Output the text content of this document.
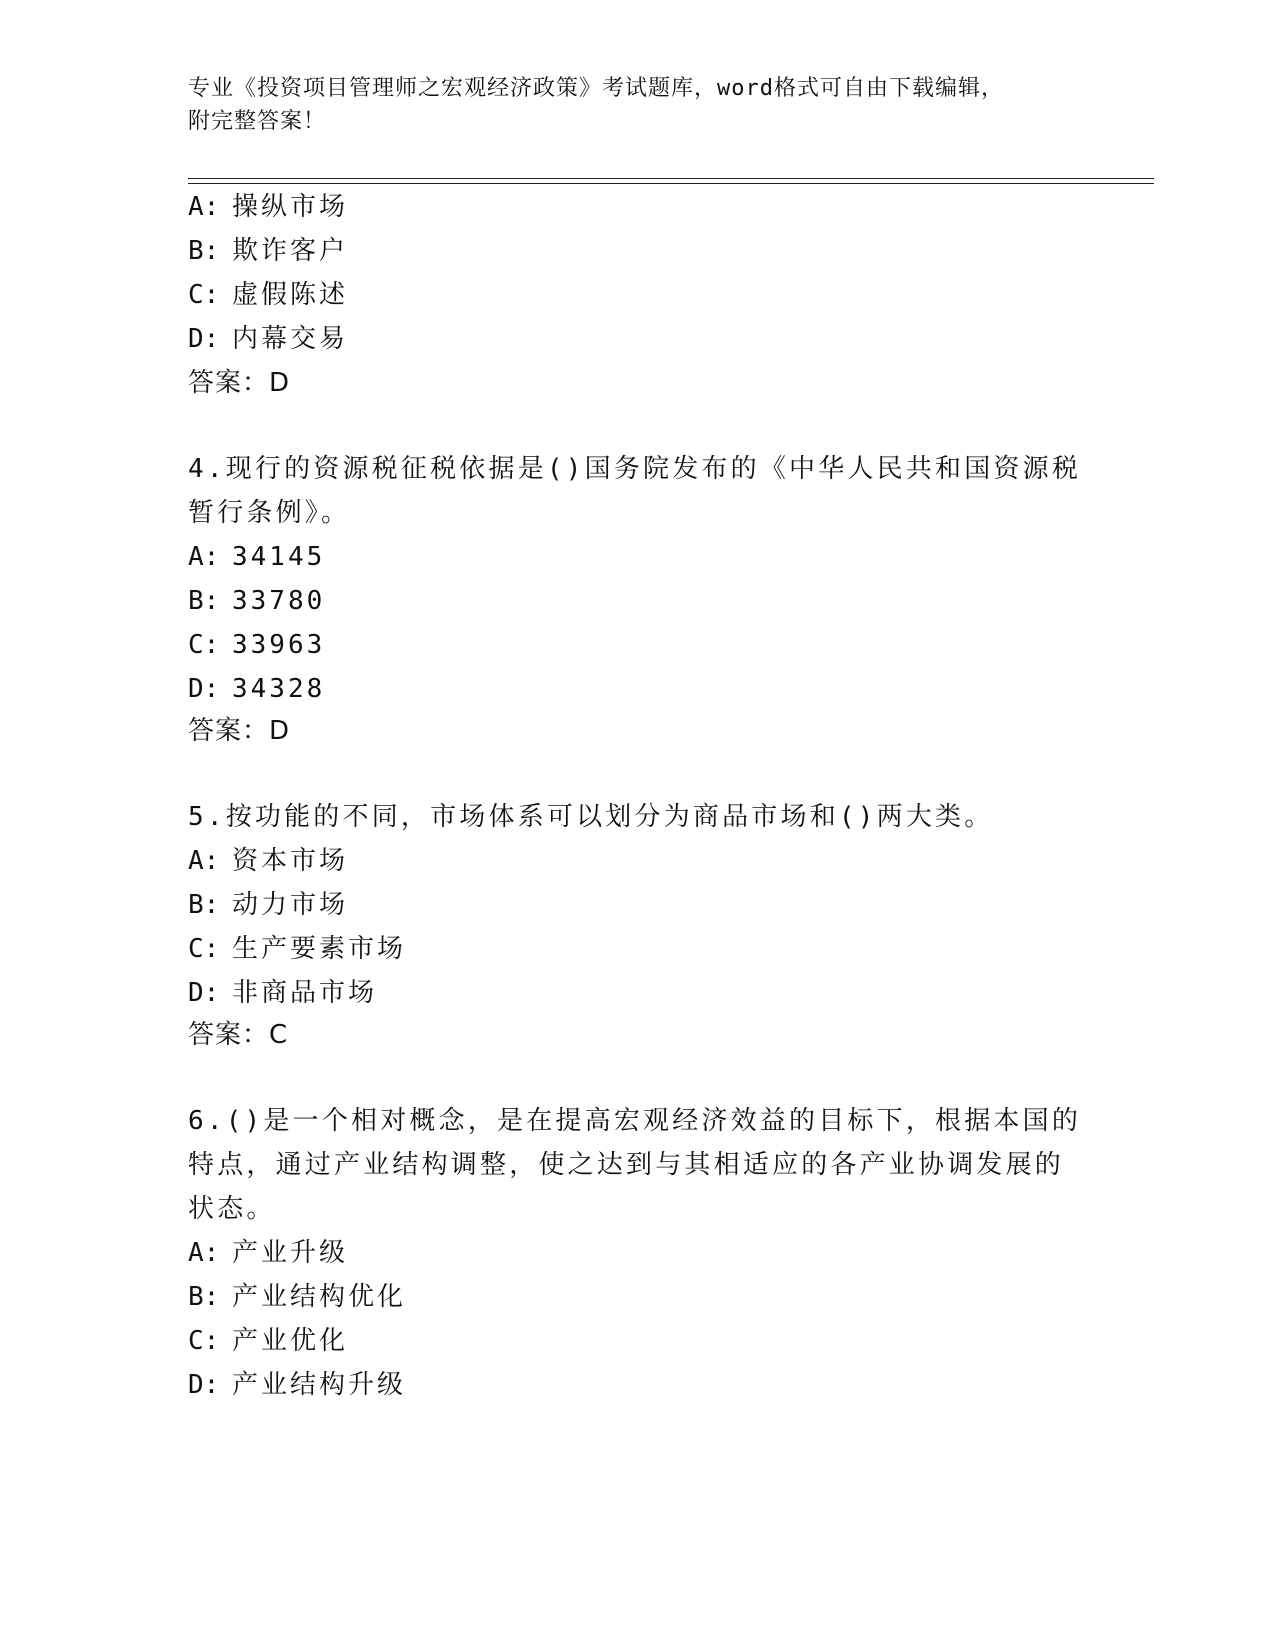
专业《投资项目管理师之宏观经济政策》考试题库，word格式可自由下载编辑，
附完整答案！
A: 操纵市场
B: 欺诈客户
C: 虚假陈述
D: 内幕交易
答案：D
4.现行的资源税征税依据是()国务院发布的《中华人民共和国资源税
暂行条例》。
A: 34145
B: 33780
C: 33963
D: 34328
答案：D
5.按功能的不同，市场体系可以划分为商品市场和()两大类。
A: 资本市场
B: 动力市场
C: 生产要素市场
D: 非商品市场
答案：C
6.()是一个相对概念，是在提高宏观经济效益的目标下，根据本国的
特点，通过产业结构调整，使之达到与其相适应的各产业协调发展的
状态。
A: 产业升级
B: 产业结构优化
C: 产业优化
D: 产业结构升级
